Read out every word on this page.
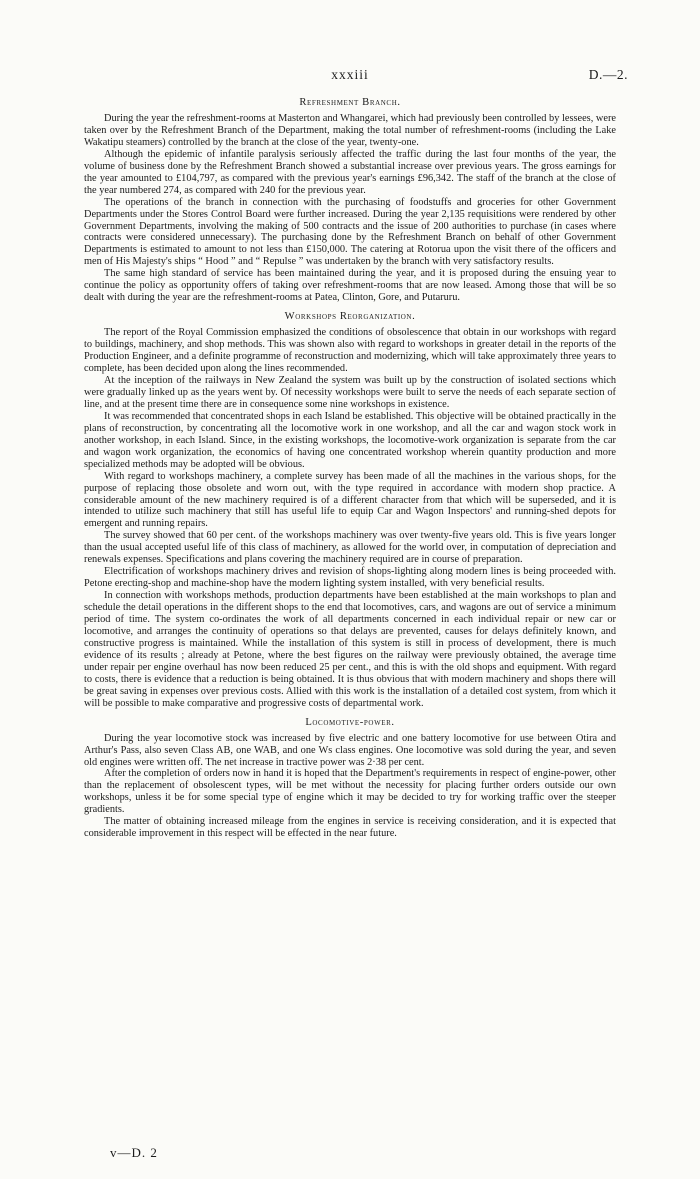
xxxiii	D.—2.
Refreshment Branch.

During the year the refreshment-rooms at Masterton and Whangarei, which had previously been controlled by lessees, were taken over by the Refreshment Branch of the Department, making the total number of refreshment-rooms (including the Lake Wakatipu steamers) controlled by the branch at the close of the year, twenty-one.

Although the epidemic of infantile paralysis seriously affected the traffic during the last four months of the year, the volume of business done by the Refreshment Branch showed a substantial increase over previous years. The gross earnings for the year amounted to £104,797, as compared with the previous year's earnings £96,342. The staff of the branch at the close of the year numbered 274, as compared with 240 for the previous year.

The operations of the branch in connection with the purchasing of foodstuffs and groceries for other Government Departments under the Stores Control Board were further increased. During the year 2,135 requisitions were rendered by other Government Departments, involving the making of 500 contracts and the issue of 200 authorities to purchase (in cases where contracts were considered unnecessary). The purchasing done by the Refreshment Branch on behalf of other Government Departments is estimated to amount to not less than £150,000. The catering at Rotorua upon the visit there of the officers and men of His Majesty's ships “ Hood ” and “ Repulse ” was undertaken by the branch with very satisfactory results.

The same high standard of service has been maintained during the year, and it is proposed during the ensuing year to continue the policy as opportunity offers of taking over refreshment-rooms that are now leased. Among those that will be so dealt with during the year are the refreshment-rooms at Patea, Clinton, Gore, and Putaruru.

Workshops Reorganization.

The report of the Royal Commission emphasized the conditions of obsolescence that obtain in our workshops with regard to buildings, machinery, and shop methods. This was shown also with regard to workshops in greater detail in the reports of the Production Engineer, and a definite programme of reconstruction and modernizing, which will take approximately three years to complete, has been decided upon along the lines recommended.

At the inception of the railways in New Zealand the system was built up by the construction of isolated sections which were gradually linked up as the years went by. Of necessity workshops were built to serve the needs of each separate section of line, and at the present time there are in consequence some nine workshops in existence.

It was recommended that concentrated shops in each Island be established. This objective will be obtained practically in the plans of reconstruction, by concentrating all the locomotive work in one workshop, and all the car and wagon stock work in another workshop, in each Island. Since, in the existing workshops, the locomotive-work organization is separate from the car and wagon work organization, the economics of having one concentrated workshop wherein quantity production and more specialized methods may be adopted will be obvious.

With regard to workshops machinery, a complete survey has been made of all the machines in the various shops, for the purpose of replacing those obsolete and worn out, with the type required in accordance with modern shop practice. A considerable amount of the new machinery required is of a different character from that which will be superseded, and it is intended to utilize such machinery that still has useful life to equip Car and Wagon Inspectors' and running-shed depots for emergent and running repairs.

The survey showed that 60 per cent. of the workshops machinery was over twenty-five years old. This is five years longer than the usual accepted useful life of this class of machinery, as allowed for the world over, in computation of depreciation and renewals expenses. Specifications and plans covering the machinery required are in course of preparation.

Electrification of workshops machinery drives and revision of shops-lighting along modern lines is being proceeded with. Petone erecting-shop and machine-shop have the modern lighting system installed, with very beneficial results.

In connection with workshops methods, production departments have been established at the main workshops to plan and schedule the detail operations in the different shops to the end that locomotives, cars, and wagons are out of service a minimum period of time. The system co-ordinates the work of all departments concerned in each individual repair or new car or locomotive, and arranges the continuity of operations so that delays are prevented, causes for delays definitely known, and constructive progress is maintained. While the installation of this system is still in process of development, there is much evidence of its results ; already at Petone, where the best figures on the railway were previously obtained, the average time under repair per engine overhaul has now been reduced 25 per cent., and this is with the old shops and equipment. With regard to costs, there is evidence that a reduction is being obtained. It is thus obvious that with modern machinery and shops there will be great saving in expenses over previous costs. Allied with this work is the installation of a detailed cost system, from which it will be possible to make comparative and progressive costs of departmental work.

Locomotive-power.

During the year locomotive stock was increased by five electric and one battery locomotive for use between Otira and Arthur's Pass, also seven Class AB, one WAB, and one Ws class engines. One locomotive was sold during the year, and seven old engines were written off. The net increase in tractive power was 2·38 per cent.

After the completion of orders now in hand it is hoped that the Department's requirements in respect of engine-power, other than the replacement of obsolescent types, will be met without the necessity for placing further orders outside our own workshops, unless it be for some special type of engine which it may be decided to try for working traffic over the steeper gradients.

The matter of obtaining increased mileage from the engines in service is receiving consideration, and it is expected that considerable improvement in this respect will be effected in the near future.

v—D. 2
